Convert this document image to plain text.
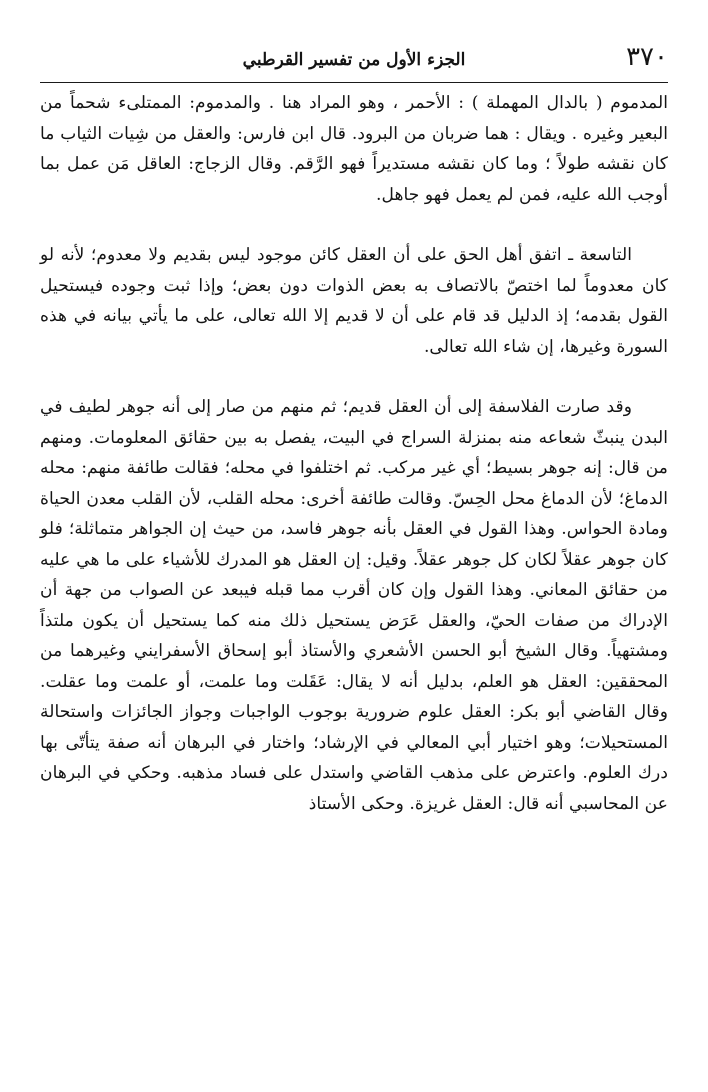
٣٧٠
الجزء الأول من تفسير القرطبي

المدموم ( بالدال المهملة ) : الأحمر ، وهو المراد هنا . والمدموم: الممتلىء شحماً من البعير وغيره . ويقال : هما ضربان من البرود. قال ابن فارس: والعقل من شِيات الثياب ما كان نقشه طولاً ؛ وما كان نقشه مستديراً فهو الرَّقم. وقال الزجاج: العاقل مَن عمل بما أوجب الله عليه، فمن لم يعمل فهو جاهل.

التاسعة ـ اتفق أهل الحق على أن العقل كائن موجود ليس بقديم ولا معدوم؛ لأنه لو كان معدوماً لما اختصّ بالاتصاف به بعض الذوات دون بعض؛ وإذا ثبت وجوده فيستحيل القول بقدمه؛ إذ الدليل قد قام على أن لا قديم إلا الله تعالى، على ما يأتي بيانه في هذه السورة وغيرها، إن شاء الله تعالى.

وقد صارت الفلاسفة إلى أن العقل قديم؛ ثم منهم من صار إلى أنه جوهر لطيف في البدن ينبثّ شعاعه منه بمنزلة السراج في البيت، يفصل به بين حقائق المعلومات. ومنهم من قال: إنه جوهر بسيط؛ أي غير مركب. ثم اختلفوا في محله؛ فقالت طائفة منهم: محله الدماغ؛ لأن الدماغ محل الحِسّ. وقالت طائفة أخرى: محله القلب، لأن القلب معدن الحياة ومادة الحواس. وهذا القول في العقل بأنه جوهر فاسد، من حيث إن الجواهر متماثلة؛ فلو كان جوهر عقلاً لكان كل جوهر عقلاً. وقيل: إن العقل هو المدرك للأشياء على ما هي عليه من حقائق المعاني. وهذا القول وإن كان أقرب مما قبله فيبعد عن الصواب من جهة أن الإدراك من صفات الحيّ، والعقل عَرَض يستحيل ذلك منه كما يستحيل أن يكون ملتذاً ومشتهياً. وقال الشيخ أبو الحسن الأشعري والأستاذ أبو إسحاق الأسفرايني وغيرهما من المحققين: العقل هو العلم، بدليل أنه لا يقال: عَقَلت وما علمت، أو علمت وما عقلت. وقال القاضي أبو بكر: العقل علوم ضرورية بوجوب الواجبات وجواز الجائزات واستحالة المستحيلات؛ وهو اختيار أبي المعالي في الإرشاد؛ واختار في البرهان أنه صفة يتأتّى بها درك العلوم. واعترض على مذهب القاضي واستدل على فساد مذهبه. وحكي في البرهان عن المحاسبي أنه قال: العقل غريزة. وحكى الأستاذ
